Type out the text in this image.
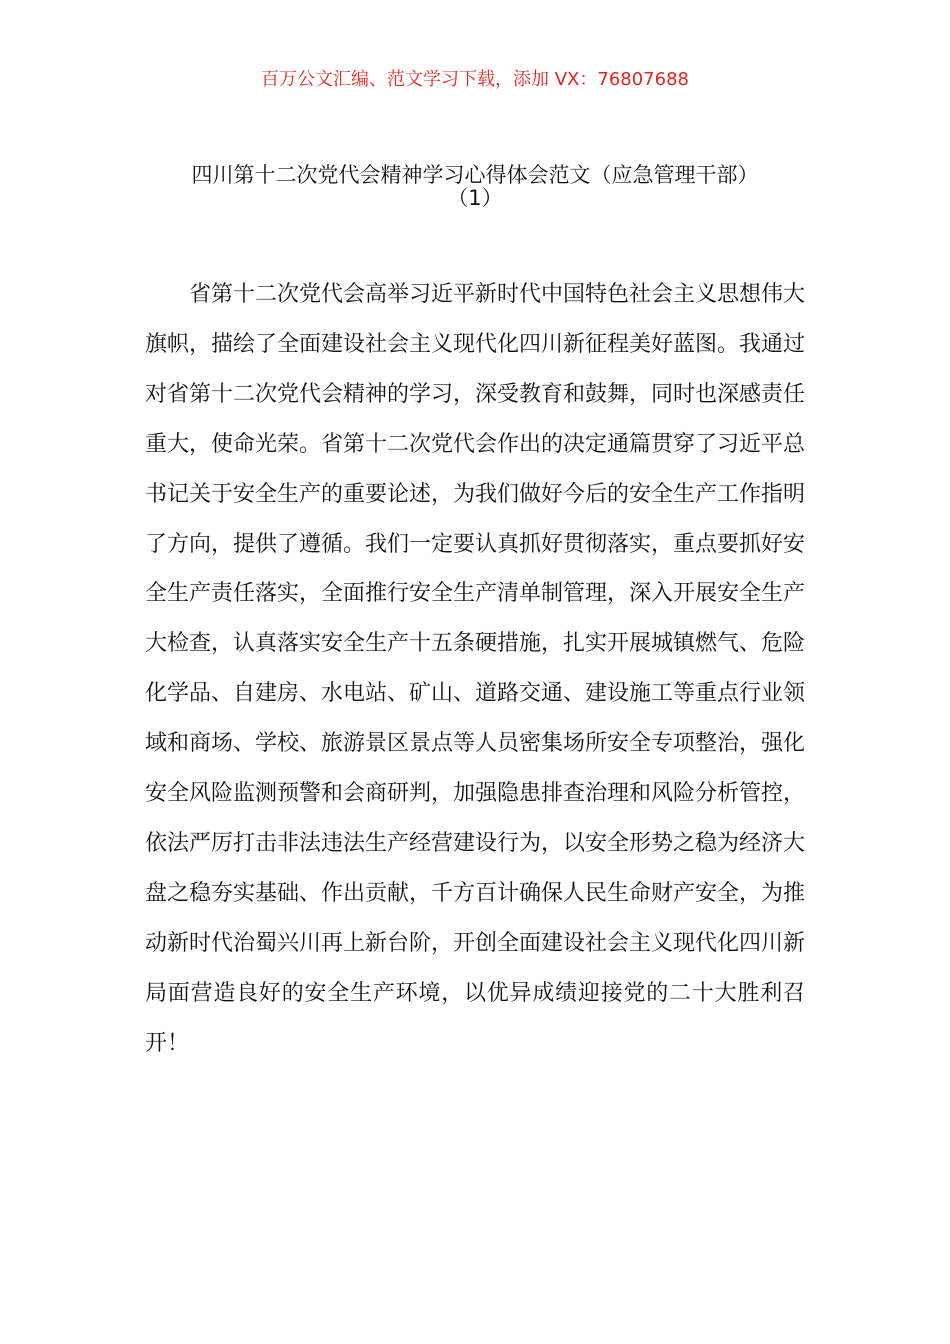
百万公文汇编、范文学习下载，添加 VX：76807688
四川第十二次党代会精神学习心得体会范文（应急管理干部）
（1）

省第十二次党代会高举习近平新时代中国特色社会主义思想伟大旗帜，描绘了全面建设社会主义现代化四川新征程美好蓝图。我通过对省第十二次党代会精神的学习，深受教育和鼓舞，同时也深感责任重大，使命光荣。省第十二次党代会作出的决定通篇贯穿了习近平总书记关于安全生产的重要论述，为我们做好今后的安全生产工作指明了方向，提供了遵循。我们一定要认真抓好贯彻落实，重点要抓好安全生产责任落实，全面推行安全生产清单制管理，深入开展安全生产大检查，认真落实安全生产十五条硬措施，扎实开展城镇燃气、危险化学品、自建房、水电站、矿山、道路交通、建设施工等重点行业领域和商场、学校、旅游景区景点等人员密集场所安全专项整治，强化安全风险监测预警和会商研判，加强隐患排查治理和风险分析管控，依法严厉打击非法违法生产经营建设行为，以安全形势之稳为经济大盘之稳夯实基础、作出贡献，千方百计确保人民生命财产安全，为推动新时代治蜀兴川再上新台阶，开创全面建设社会主义现代化四川新局面营造良好的安全生产环境，以优异成绩迎接党的二十大胜利召开！
